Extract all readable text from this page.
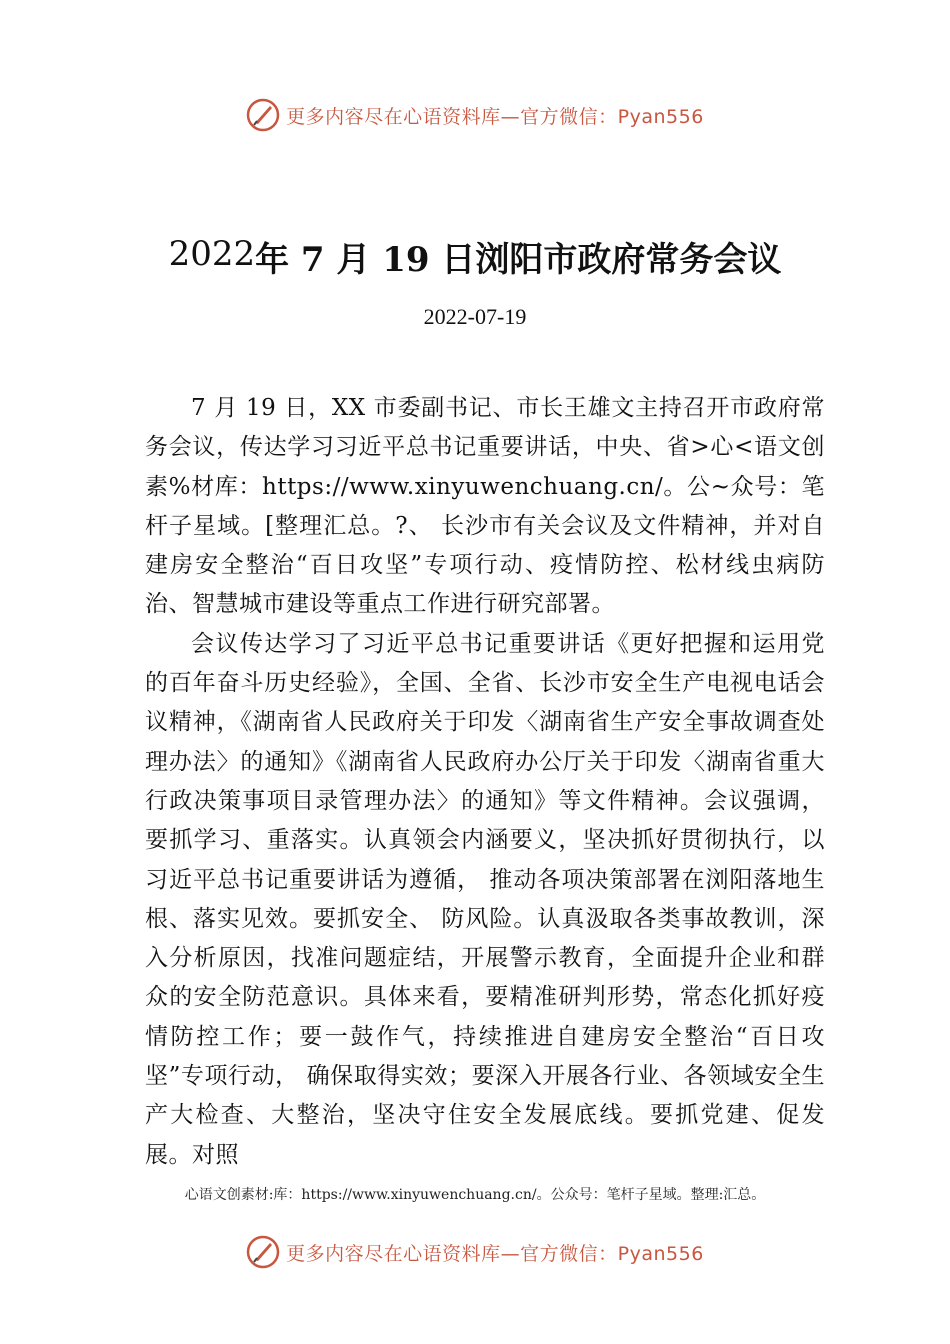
更多内容尽在心语资料库—官方微信：Pyan556
2022年 7 月 19 日浏阳市政府常务会议
2022-07-19

7 月 19 日，XX 市委副书记、市长王雄文主持召开市政府常务会议，传达学习习近平总书记重要讲话，中央、省>心<语文创素%材库：https://www.xinyuwenchuang.cn/。公~众号：笔杆子星域。[整理汇总。?、 长沙市有关会议及文件精神，并对自建房安全整治“百日攻坚”专项行动、疫情防控、松材线虫病防治、智慧城市建设等重点工作进行研究部署。

会议传达学习了习近平总书记重要讲话《更好把握和运用党的百年奋斗历史经验》，全国、全省、长沙市安全生产电视电话会议精神，《湖南省人民政府关于印发〈湖南省生产安全事故调查处理办法〉的通知》《湖南省人民政府办公厅关于印发〈湖南省重大行政决策事项目录管理办法〉的通知》等文件精神。会议强调，要抓学习、重落实。认真领会内涵要义，坚决抓好贯彻执行，以习近平总书记重要讲话为遵循， 推动各项决策部署在浏阳落地生根、落实见效。要抓安全、 防风险。认真汲取各类事故教训，深入分析原因，找准问题症结，开展警示教育，全面提升企业和群众的安全防范意识。具体来看，要精准研判形势，常态化抓好疫情防控工作；要一鼓作气，持续推进自建房安全整治“百日攻坚”专项行动， 确保取得实效；要深入开展各行业、各领域安全生产大检查、大整治，坚决守住安全发展底线。要抓党建、促发展。对照

心语文创素材:库：https://www.xinyuwenchuang.cn/。公众号：笔杆子星域。整理:汇总。
更多内容尽在心语资料库—官方微信：Pyan556
